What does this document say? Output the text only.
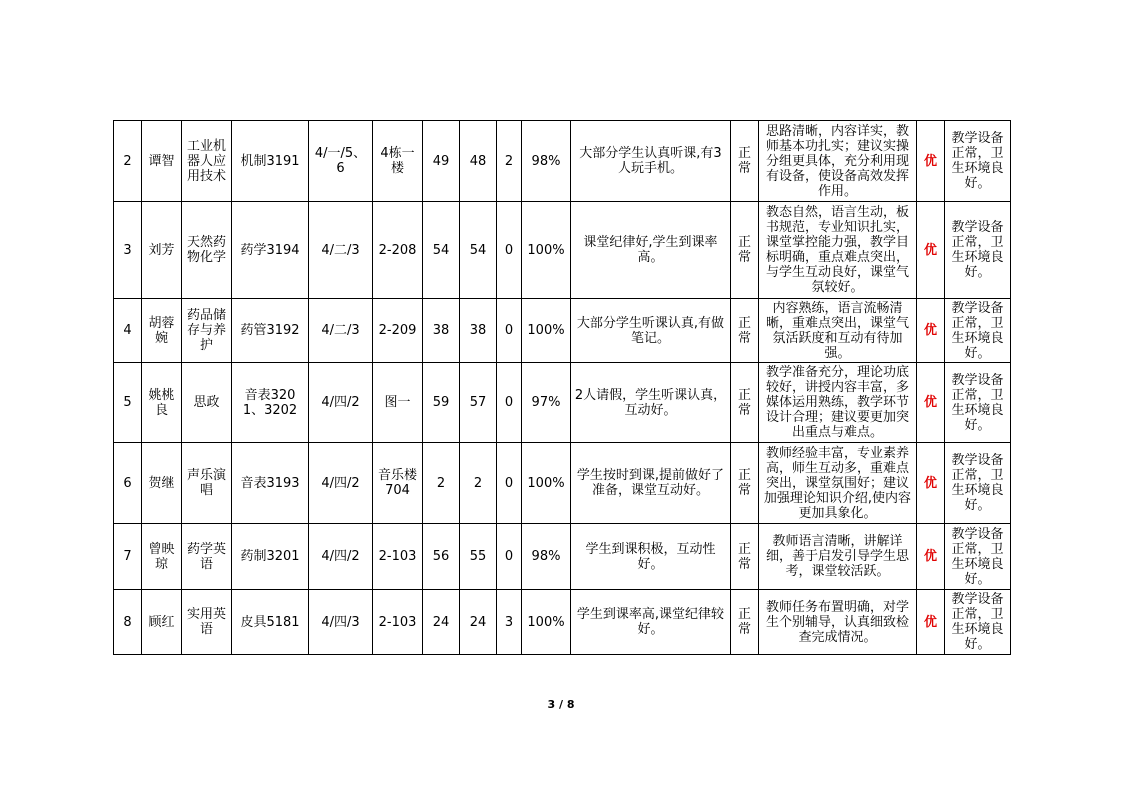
2	谭智	工业机器人应用技术	机制3191	4/一/5、6	4栋一楼	49	48	2	98%	大部分学生认真听课,有3人玩手机。	正常	思路清晰，内容详实，教师基本功扎实；建议实操分组更具体，充分利用现有设备，使设备高效发挥作用。	优	教学设备正常，卫生环境良好。
3	刘芳	天然药物化学	药学3194	4/二/3	2-208	54	54	0	100%	课堂纪律好,学生到课率高。	正常	教态自然，语言生动，板书规范，专业知识扎实，课堂掌控能力强，教学目标明确，重点难点突出，与学生互动良好，课堂气氛较好。	优	教学设备正常，卫生环境良好。
4	胡蓉婉	药品储存与养护	药管3192	4/二/3	2-209	38	38	0	100%	大部分学生听课认真,有做笔记。	正常	内容熟练，语言流畅清晰，重难点突出，课堂气氛活跃度和互动有待加强。	优	教学设备正常，卫生环境良好。
5	姚桃良	思政	音表3201、3202	4/四/2	图一	59	57	0	97%	2人请假，学生听课认真，互动好。	正常	教学准备充分，理论功底较好，讲授内容丰富，多媒体运用熟练，教学环节设计合理；建议要更加突出重点与难点。	优	教学设备正常，卫生环境良好。
6	贺继	声乐演唱	音表3193	4/四/2	音乐楼704	2	2	0	100%	学生按时到课,提前做好了准备，课堂互动好。	正常	教师经验丰富，专业素养高，师生互动多，重难点突出，课堂氛围好；建议加强理论知识介绍,使内容更加具象化。	优	教学设备正常，卫生环境良好。
7	曾映琼	药学英语	药制3201	4/四/2	2-103	56	55	0	98%	学生到课积极，互动性好。	正常	教师语言清晰，讲解详细，善于启发引导学生思考，课堂较活跃。	优	教学设备正常，卫生环境良好。
8	顾红	实用英语	皮具5181	4/四/3	2-103	24	24	3	100%	学生到课率高,课堂纪律较好。	正常	教师任务布置明确，对学生个别辅导，认真细致检查完成情况。	优	教学设备正常，卫生环境良好。
3 / 8
